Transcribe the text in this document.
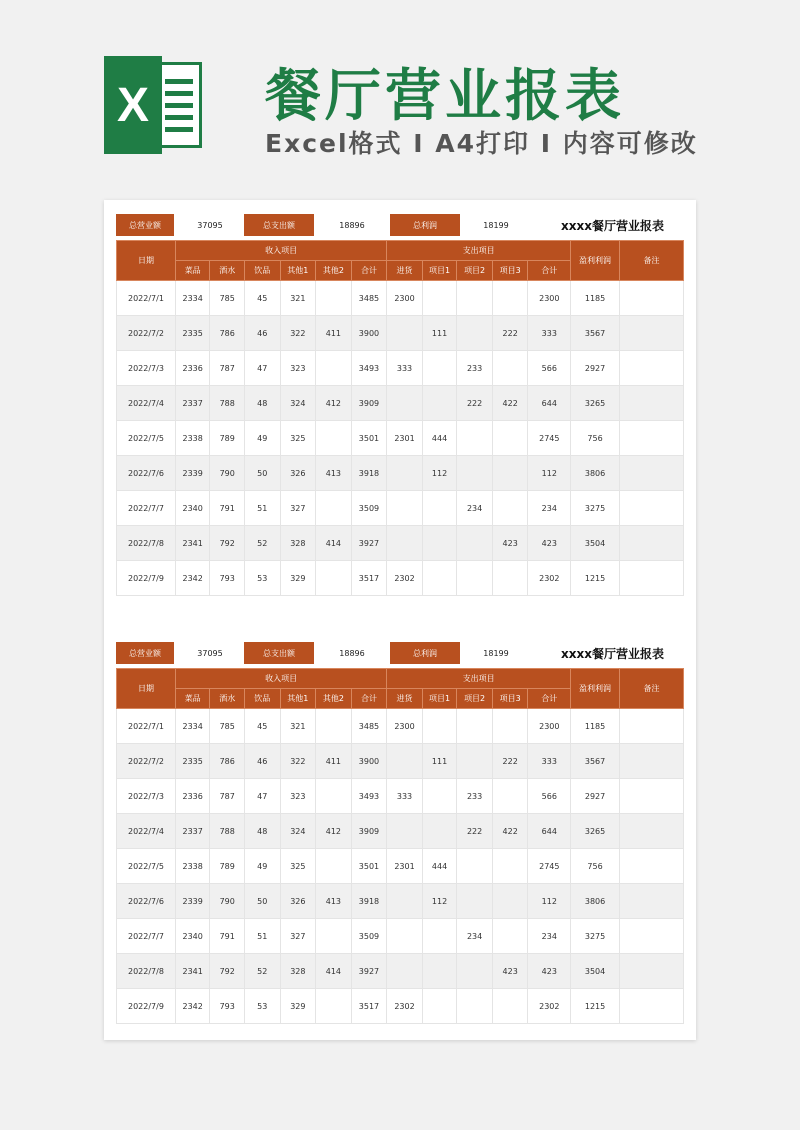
X 餐厅营业报表
Excel格式 I A4打印 I 内容可修改
总营业额	37095	总支出额	18896	总利润	18199	xxxx餐厅营业报表
日期	收入项目						支出项目					盈利利润	备注
	菜品	酒水	饮品	其他1	其他2	合计	进货	项目1	项目2	项目3	合计		
2022/7/1	2334	785	45	321		3485	2300				2300	1185	
2022/7/2	2335	786	46	322	411	3900		111		222	333	3567	
2022/7/3	2336	787	47	323		3493	333		233		566	2927	
2022/7/4	2337	788	48	324	412	3909			222	422	644	3265	
2022/7/5	2338	789	49	325		3501	2301	444			2745	756	
2022/7/6	2339	790	50	326	413	3918		112			112	3806	
2022/7/7	2340	791	51	327		3509			234		234	3275	
2022/7/8	2341	792	52	328	414	3927				423	423	3504	
2022/7/9	2342	793	53	329		3517	2302				2302	1215	
总营业额	37095	总支出额	18896	总利润	18199	xxxx餐厅营业报表
日期	收入项目						支出项目					盈利利润	备注
	菜品	酒水	饮品	其他1	其他2	合计	进货	项目1	项目2	项目3	合计		
2022/7/1	2334	785	45	321		3485	2300				2300	1185	
2022/7/2	2335	786	46	322	411	3900		111		222	333	3567	
2022/7/3	2336	787	47	323		3493	333		233		566	2927	
2022/7/4	2337	788	48	324	412	3909			222	422	644	3265	
2022/7/5	2338	789	49	325		3501	2301	444			2745	756	
2022/7/6	2339	790	50	326	413	3918		112			112	3806	
2022/7/7	2340	791	51	327		3509			234		234	3275	
2022/7/8	2341	792	52	328	414	3927				423	423	3504	
2022/7/9	2342	793	53	329		3517	2302				2302	1215	
